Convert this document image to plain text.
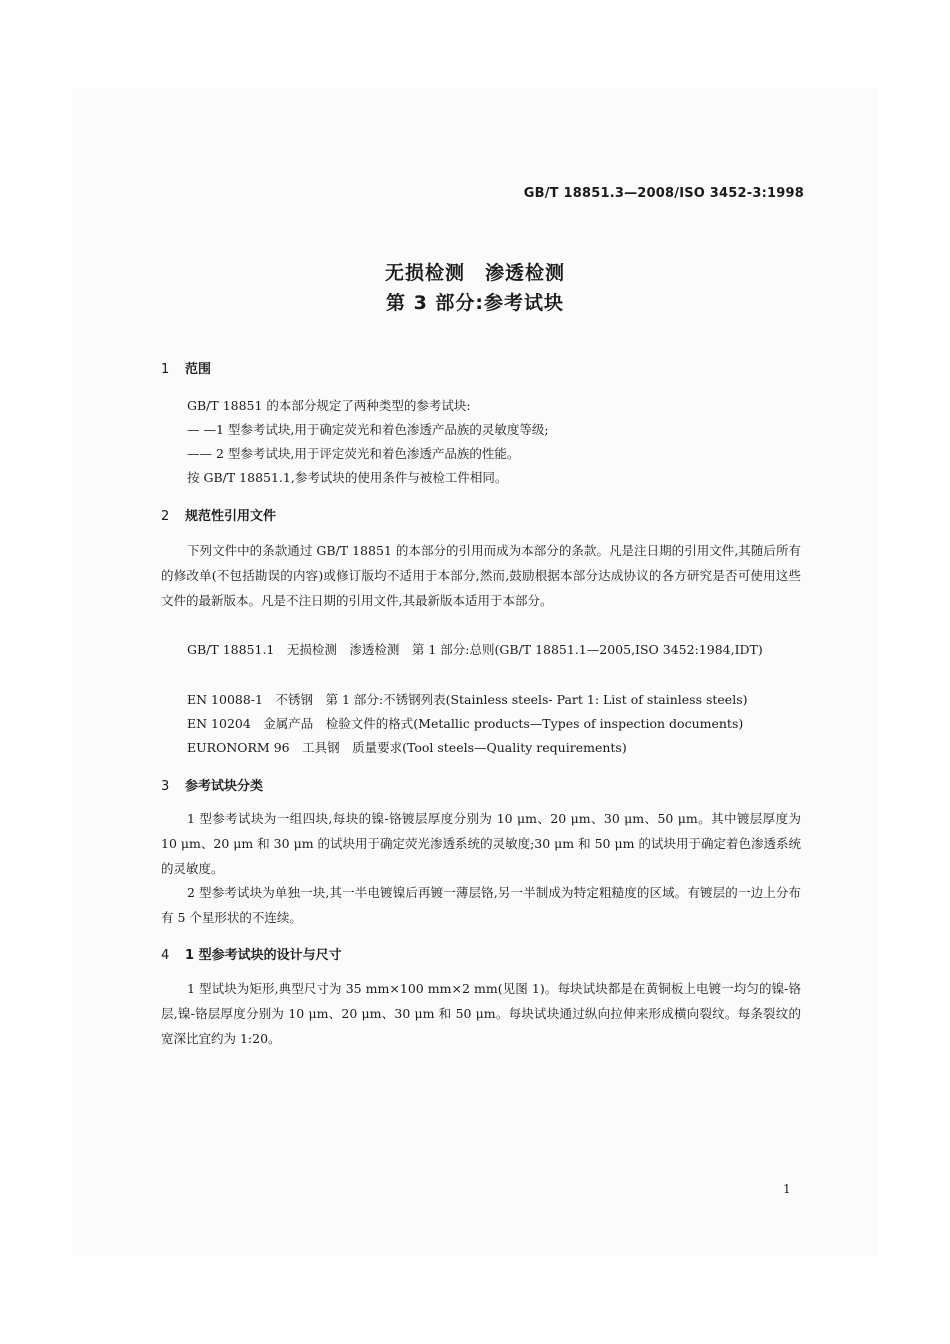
GB/T 18851.3—2008/ISO 3452-3:1998
无损检测　渗透检测
第 3 部分:参考试块
1 范围
GB/T 18851 的本部分规定了两种类型的参考试块:
— —1 型参考试块,用于确定荧光和着色渗透产品族的灵敏度等级;
—— 2 型参考试块,用于评定荧光和着色渗透产品族的性能。
按 GB/T 18851.1,参考试块的使用条件与被检工件相同。
2 规范性引用文件
下列文件中的条款通过 GB/T 18851 的本部分的引用而成为本部分的条款。凡是注日期的引用文件,其随后所有的修改单(不包括勘误的内容)或修订版均不适用于本部分,然而,鼓励根据本部分达成协议的各方研究是否可使用这些文件的最新版本。凡是不注日期的引用文件,其最新版本适用于本部分。
GB/T 18851.1　无损检测　渗透检测　第 1 部分:总则(GB/T 18851.1—2005,ISO 3452:1984,IDT)
EN 10088-1　不锈钢　第 1 部分:不锈钢列表(Stainless steels- Part 1: List of stainless steels)
EN 10204　金属产品　检验文件的格式(Metallic products—Types of inspection documents)
EURONORM 96　工具钢　质量要求(Tool steels—Quality requirements)
3 参考试块分类
1 型参考试块为一组四块,每块的镍-铬镀层厚度分别为 10 μm、20 μm、30 μm、50 μm。其中镀层厚度为 10 μm、20 μm 和 30 μm 的试块用于确定荧光渗透系统的灵敏度;30 μm 和 50 μm 的试块用于确定着色渗透系统的灵敏度。
2 型参考试块为单独一块,其一半电镀镍后再镀一薄层铬,另一半制成为特定粗糙度的区域。有镀层的一边上分布有 5 个星形状的不连续。
4 1 型参考试块的设计与尺寸
1 型试块为矩形,典型尺寸为 35 mm×100 mm×2 mm(见图 1)。每块试块都是在黄铜板上电镀一均匀的镍-铬层,镍-铬层厚度分别为 10 μm、20 μm、30 μm 和 50 μm。每块试块通过纵向拉伸来形成横向裂纹。每条裂纹的宽深比宜约为 1:20。
1
